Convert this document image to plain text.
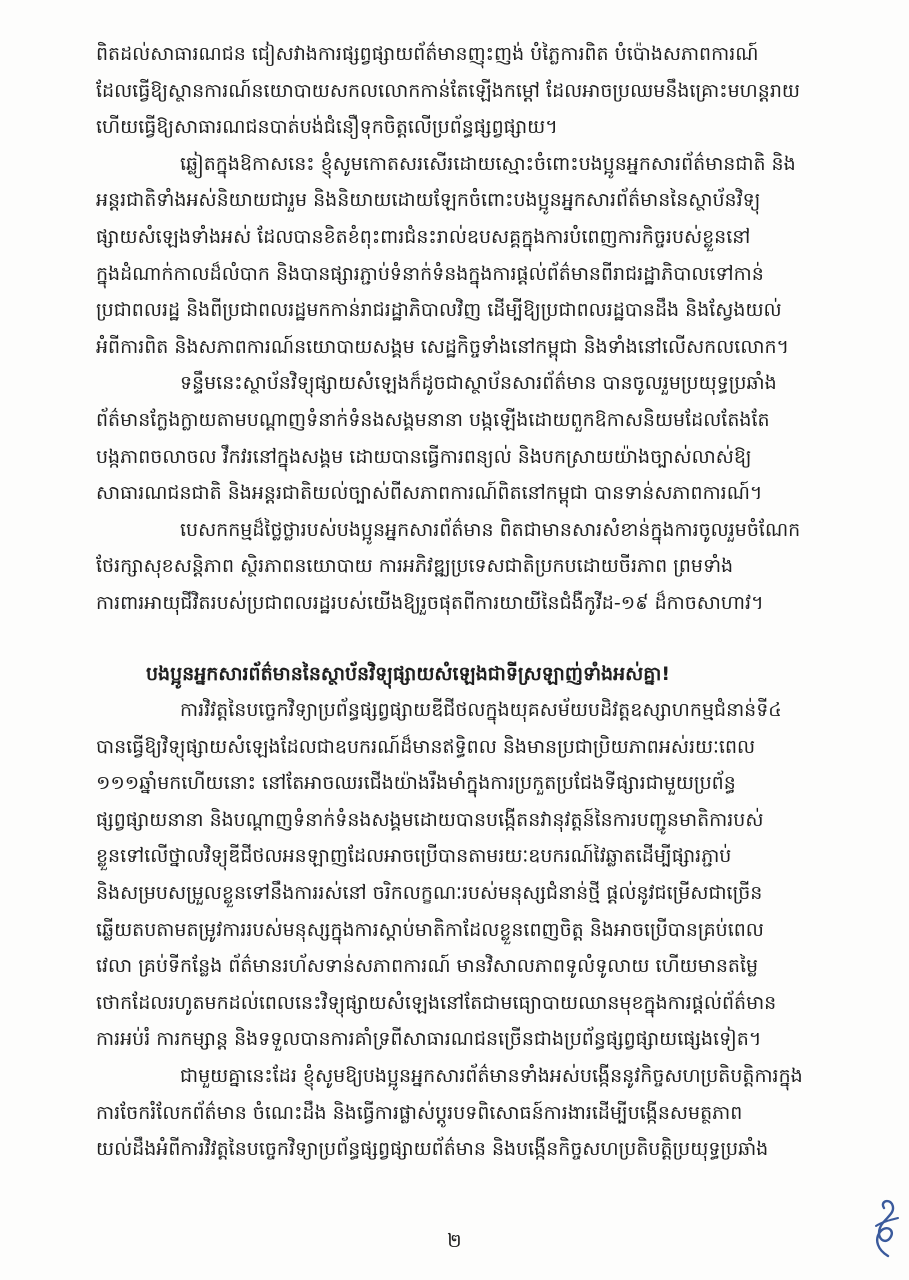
ពិតដល់សាធារណជន ជៀសវាងការផ្សព្វផ្សាយព័ត៌មានញុះញង់ បំភ្លៃការពិត បំប៉ោងសភាពការណ៍
ដែលធ្វើឱ្យស្ថានការណ៍នយោបាយសកលលោកកាន់តែឡើងកម្ដៅ ដែលអាចប្រឈមនឹងគ្រោះមហន្តរាយ
ហើយធ្វើឱ្យសាធារណជនបាត់បង់ជំនឿទុកចិត្តលើប្រព័ន្ធផ្សព្វផ្សាយ។
ឆ្លៀតក្នុងឱកាសនេះ ខ្ញុំសូមកោតសរសើរដោយស្មោះចំពោះបងប្អូនអ្នកសារព័ត៌មានជាតិ និង
អន្តរជាតិទាំងអស់និយាយជារួម និងនិយាយដោយឡែកចំពោះបងប្អូនអ្នកសារព័ត៌មាននៃស្ថាប័នវិទ្យុ
ផ្សាយសំឡេងទាំងអស់ ដែលបានខិតខំពុះពារជំនះរាល់ឧបសគ្គក្នុងការបំពេញការកិច្ចរបស់ខ្លួននៅ
ក្នុងដំណាក់កាលដ៏លំបាក និងបានផ្សារភ្ជាប់ទំនាក់ទំនងក្នុងការផ្ដល់ព័ត៌មានពីរាជរដ្ឋាភិបាលទៅកាន់
ប្រជាពលរដ្ឋ និងពីប្រជាពលរដ្ឋមកកាន់រាជរដ្ឋាភិបាលវិញ ដើម្បីឱ្យប្រជាពលរដ្ឋបានដឹង និងស្វែងយល់
អំពីការពិត និងសភាពការណ៍នយោបាយសង្គម សេដ្ឋកិច្ចទាំងនៅកម្ពុជា និងទាំងនៅលើសកលលោក។
ទន្ទឹមនេះស្ថាប័នវិទ្យុផ្សាយសំឡេងក៏ដូចជាស្ថាប័នសារព័ត៌មាន បានចូលរួមប្រយុទ្ធប្រឆាំង
ព័ត៌មានក្លែងក្លាយតាមបណ្ដាញទំនាក់ទំនងសង្គមនានា បង្កឡើងដោយពួកឱកាសនិយមដែលតែងតែ
បង្កភាពចលាចល វឹកវរនៅក្នុងសង្គម ដោយបានធ្វើការពន្យល់ និងបកស្រាយយ៉ាងច្បាស់លាស់ឱ្យ
សាធារណជនជាតិ និងអន្តរជាតិយល់ច្បាស់ពីសភាពការណ៍ពិតនៅកម្ពុជា បានទាន់សភាពការណ៍។
បេសកកម្មដ៏ថ្លៃថ្លារបស់បងប្អូនអ្នកសារព័ត៌មាន ពិតជាមានសារសំខាន់ក្នុងការចូលរួមចំណែក
ថែរក្សាសុខសន្តិភាព ស្ថិរភាពនយោបាយ ការអភិវឌ្ឍប្រទេសជាតិប្រកបដោយចីរភាព ព្រមទាំង
ការពារអាយុជីវិតរបស់ប្រជាពលរដ្ឋរបស់យើងឱ្យរួចផុតពីការយាយីនៃជំងឺកូវីដ-១៩ ដ៏កាចសាហាវ។
បងប្អូនអ្នកសារព័ត៌មាននៃស្ថាប័នវិទ្យុផ្សាយសំឡេងជាទីស្រឡាញ់ទាំងអស់គ្នា!
ការវិវត្តនៃបច្ចេកវិទ្យាប្រព័ន្ធផ្សព្វផ្សាយឌីជីថលក្នុងយុគសម័យបដិវត្តឧស្សាហកម្មជំនាន់ទី៤
បានធ្វើឱ្យវិទ្យុផ្សាយសំឡេងដែលជាឧបករណ៍ដ៏មានឥទ្ធិពល និងមានប្រជាប្រិយភាពអស់រយៈពេល
១១១ឆ្នាំមកហើយនោះ នៅតែអាចឈរជើងយ៉ាងរឹងមាំក្នុងការប្រកួតប្រជែងទីផ្សារជាមួយប្រព័ន្ធ
ផ្សព្វផ្សាយនានា និងបណ្ដាញទំនាក់ទំនងសង្គមដោយបានបង្កើតនវានុវត្តន៍នៃការបញ្ជូនមាតិការបស់
ខ្លួនទៅលើថ្នាលវិទ្យុឌីជីថលអនឡាញដែលអាចប្រើបានតាមរយៈឧបករណ៍វៃឆ្លាតដើម្បីផ្សារភ្ជាប់
និងសម្របសម្រួលខ្លួនទៅនឹងការរស់នៅ ចរិកលក្ខណៈរបស់មនុស្សជំនាន់ថ្មី ផ្ដល់នូវជម្រើសជាច្រើន
ឆ្លើយតបតាមតម្រូវការរបស់មនុស្សក្នុងការស្ដាប់មាតិកាដែលខ្លួនពេញចិត្ត និងអាចប្រើបានគ្រប់ពេល
វេលា គ្រប់ទីកន្លែង ព័ត៌មានរហ័សទាន់សភាពការណ៍ មានវិសាលភាពទូលំទូលាយ ហើយមានតម្លៃ
ថោកដែលរហូតមកដល់ពេលនេះវិទ្យុផ្សាយសំឡេងនៅតែជាមធ្យោបាយឈានមុខក្នុងការផ្ដល់ព័ត៌មាន
ការអប់រំ ការកម្សាន្ត និងទទួលបានការគាំទ្រពីសាធារណជនច្រើនជាងប្រព័ន្ធផ្សព្វផ្សាយផ្សេងទៀត។
ជាមួយគ្នានេះដែរ ខ្ញុំសូមឱ្យបងប្អូនអ្នកសារព័ត៌មានទាំងអស់បង្កើននូវកិច្ចសហប្រតិបត្តិការក្នុង
ការចែករំលែកព័ត៌មាន ចំណេះដឹង និងធ្វើការផ្លាស់ប្ដូរបទពិសោធន៍ការងារដើម្បីបង្កើនសមត្ថភាព
យល់ដឹងអំពីការវិវត្តនៃបច្ចេកវិទ្យាប្រព័ន្ធផ្សព្វផ្សាយព័ត៌មាន និងបង្កើនកិច្ចសហប្រតិបត្តិប្រយុទ្ធប្រឆាំង
២
